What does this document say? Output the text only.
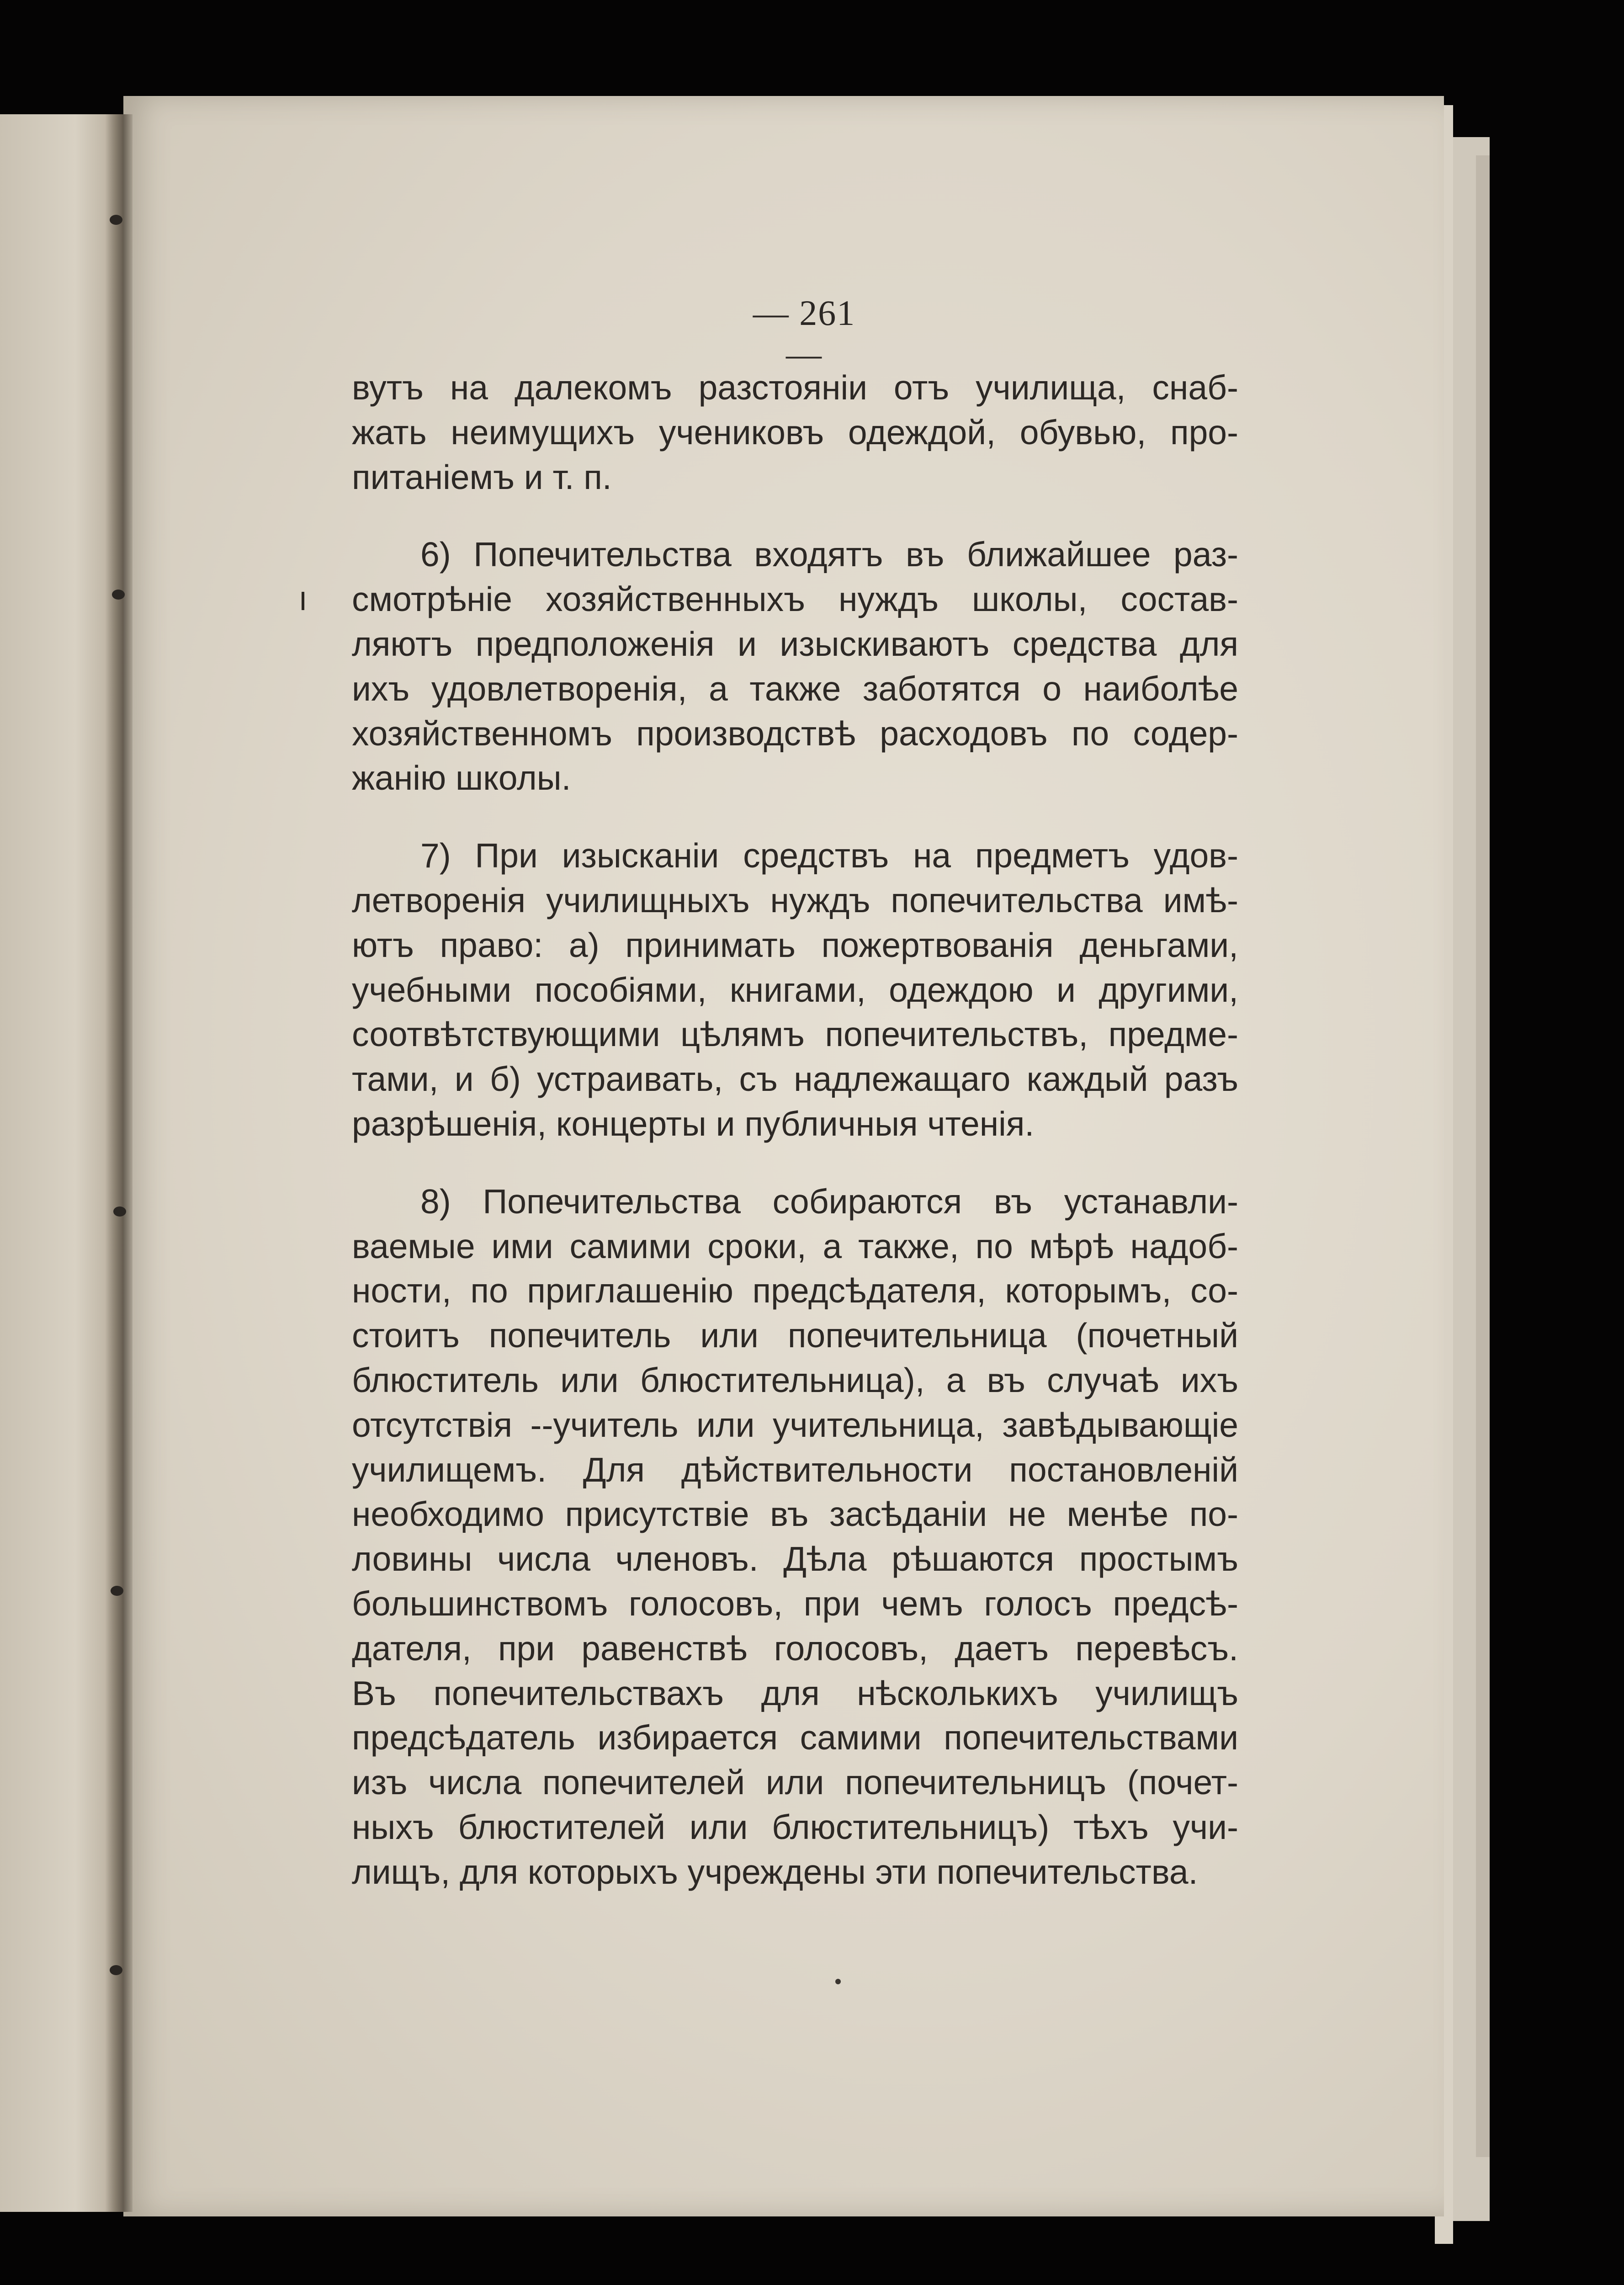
— 261 —
вутъ на далекомъ разстояніи отъ училища, снаб-
жать неимущихъ учениковъ одеждой, обувью, про-
питаніемъ и т. п.
6) Попечительства входятъ въ ближайшее раз-
смотрѣніе хозяйственныхъ нуждъ школы, состав-
ляютъ предположенія и изыскиваютъ средства для
ихъ удовлетворенія, а также заботятся о наиболѣе
хозяйственномъ производствѣ расходовъ по содер-
жанію школы.
7) При изысканіи средствъ на предметъ удов-
летворенія училищныхъ нуждъ попечительства имѣ-
ютъ право: а) принимать пожертвованія деньгами,
учебными пособіями, книгами, одеждою и другими,
соотвѣтствующими цѣлямъ попечительствъ, предме-
тами, и б) устраивать, съ надлежащаго каждый разъ
разрѣшенія, концерты и публичныя чтенія.
8) Попечительства собираются въ устанавли-
ваемые ими самими сроки, а также, по мѣрѣ надоб-
ности, по приглашенію предсѣдателя, которымъ, со-
стоитъ попечитель или попечительница (почетный
блюститель или блюстительница), а въ случаѣ ихъ
отсутствія --учитель или учительница, завѣдывающіе
училищемъ. Для дѣйствительности постановленій
необходимо присутствіе въ засѣданіи не менѣе по-
ловины числа членовъ. Дѣла рѣшаются простымъ
большинствомъ голосовъ, при чемъ голосъ предсѣ-
дателя, при равенствѣ голосовъ, даетъ перевѣсъ.
Въ попечительствахъ для нѣсколькихъ училищъ
предсѣдатель избирается самими попечительствами
изъ числа попечителей или попечительницъ (почет-
ныхъ блюстителей или блюстительницъ) тѣхъ учи-
лищъ, для которыхъ учреждены эти попечительства.
